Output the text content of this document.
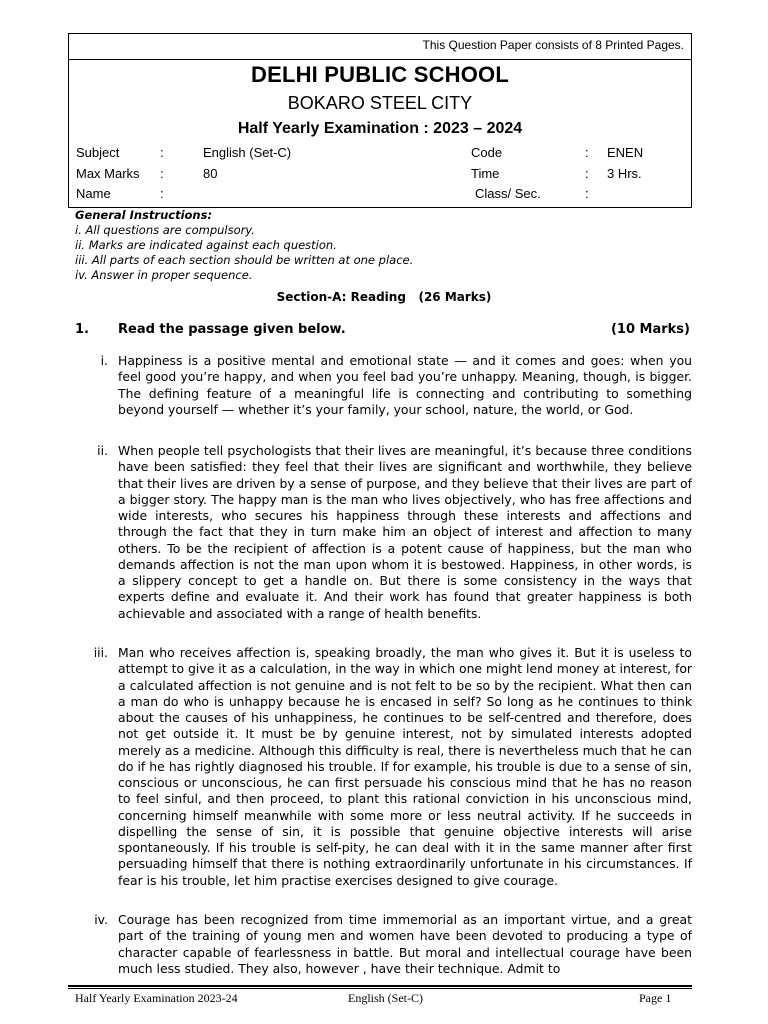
This Question Paper consists of 8 Printed Pages.
DELHI PUBLIC SCHOOL
BOKARO STEEL CITY
Half Yearly Examination : 2023 – 2024
Subject	:	English (Set-C)	Code	: ENEN
Max Marks :	80	Time	: 3 Hrs.
Name	:	Class/ Sec.	:
General Instructions:
i. All questions are compulsory.
ii. Marks are indicated against each question.
iii. All parts of each section should be written at one place.
iv. Answer in proper sequence.
Section-A: Reading   (26 Marks)
1. Read the passage given below.	(10 Marks)
i. Happiness is a positive mental and emotional state — and it comes and goes: when you feel good you’re happy, and when you feel bad you’re unhappy. Meaning, though, is bigger. The defining feature of a meaningful life is connecting and contributing to something beyond yourself — whether it’s your family, your school, nature, the world, or God.
ii. When people tell psychologists that their lives are meaningful, it’s because three conditions have been satisfied: they feel that their lives are significant and worthwhile, they believe that their lives are driven by a sense of purpose, and they believe that their lives are part of a bigger story. The happy man is the man who lives objectively, who has free affections and wide interests, who secures his happiness through these interests and affections and through the fact that they in turn make him an object of interest and affection to many others. To be the recipient of affection is a potent cause of happiness, but the man who demands affection is not the man upon whom it is bestowed. Happiness, in other words, is a slippery concept to get a handle on. But there is some consistency in the ways that experts define and evaluate it. And their work has found that greater happiness is both achievable and associated with a range of health benefits.
iii. Man who receives affection is, speaking broadly, the man who gives it. But it is useless to attempt to give it as a calculation, in the way in which one might lend money at interest, for a calculated affection is not genuine and is not felt to be so by the recipient. What then can a man do who is unhappy because he is encased in self? So long as he continues to think about the causes of his unhappiness, he continues to be self-centred and therefore, does not get outside it. It must be by genuine interest, not by simulated interests adopted merely as a medicine. Although this difficulty is real, there is nevertheless much that he can do if he has rightly diagnosed his trouble. If for example, his trouble is due to a sense of sin, conscious or unconscious, he can first persuade his conscious mind that he has no reason to feel sinful, and then proceed, to plant this rational conviction in his unconscious mind, concerning himself meanwhile with some more or less neutral activity. If he succeeds in dispelling the sense of sin, it is possible that genuine objective interests will arise spontaneously. If his trouble is self-pity, he can deal with it in the same manner after first persuading himself that there is nothing extraordinarily unfortunate in his circumstances. If fear is his trouble, let him practise exercises designed to give courage.
iv. Courage has been recognized from time immemorial as an important virtue, and a great part of the training of young men and women have been devoted to producing a type of character capable of fearlessness in battle. But moral and intellectual courage have been much less studied. They also, however , have their technique. Admit to
Half Yearly Examination 2023-24	English (Set-C)	Page 1
